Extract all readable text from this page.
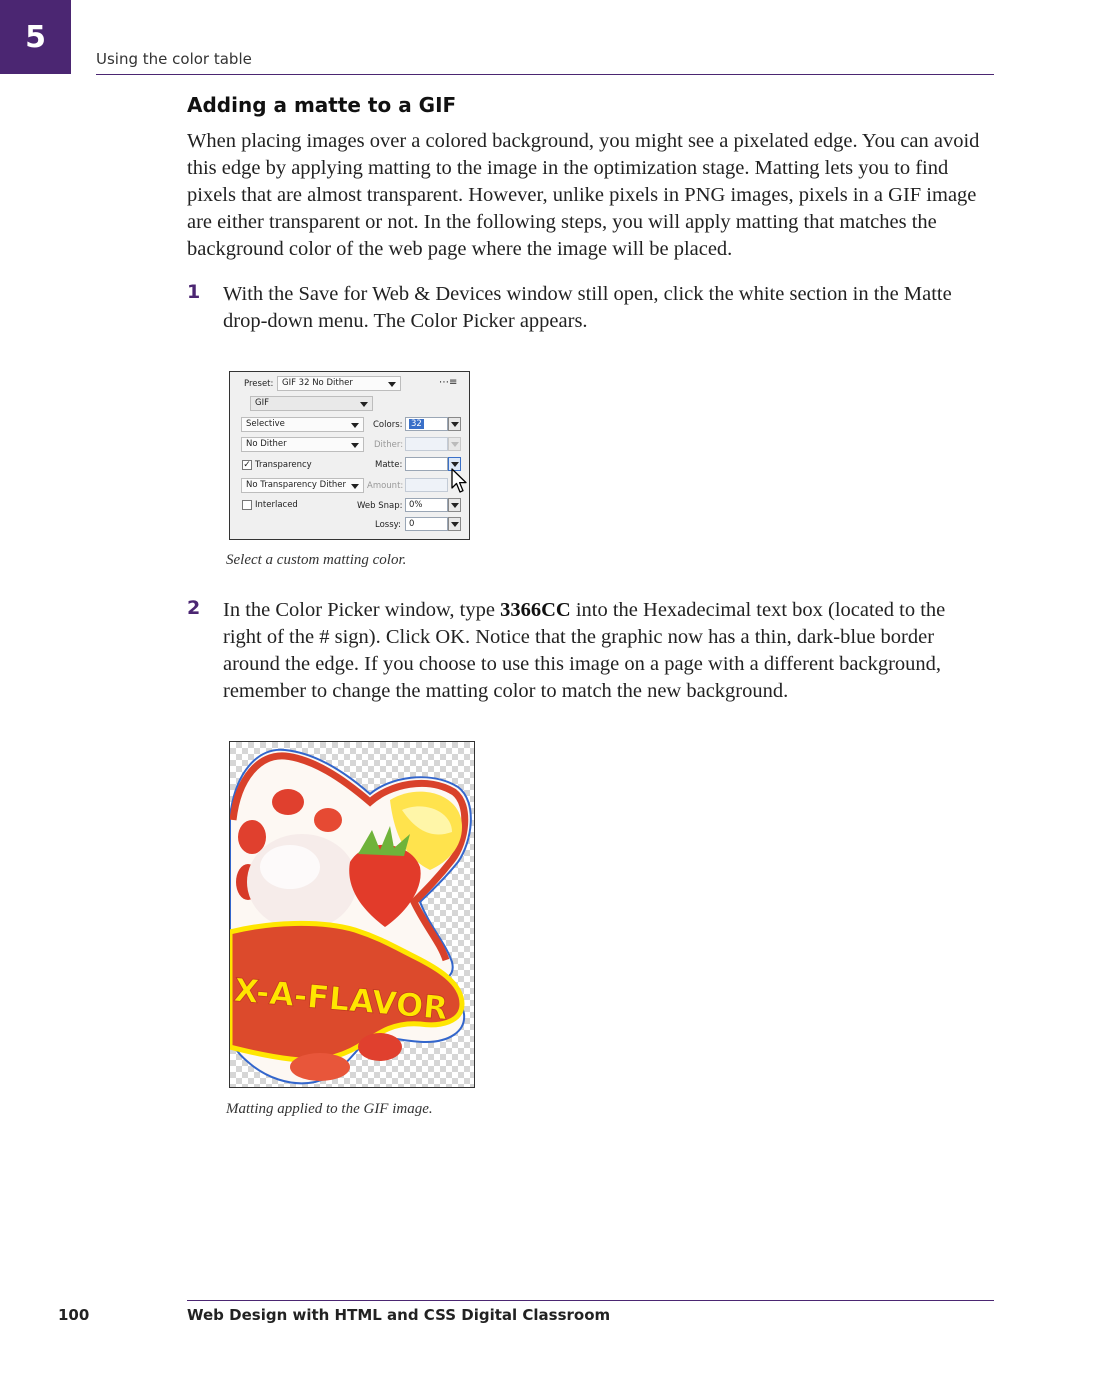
5
Using the color table
Adding a matte to a GIF

When placing images over a colored background, you might see a pixelated edge. You can avoid this edge by applying matting to the image in the optimization stage. Matting lets you to find pixels that are almost transparent. However, unlike pixels in PNG images, pixels in a GIF image are either transparent or not. In the following steps, you will apply matting that matches the background color of the web page where the image will be placed.

1 With the Save for Web & Devices window still open, click the white section in the Matte drop-down menu. The Color Picker appears.

Preset:	GIF 32 No Dither	⋯≡
GIF
Selective	Colors:	32
No Dither	Dither:
✓ Transparency	Matte:
No Transparency Dither	Amount:
Interlaced	Web Snap: 0%
Lossy: 0

Select a custom matting color.

2 In the Color Picker window, type 3366CC into the Hexadecimal text box (located to the right of the # sign). Click OK. Notice that the graphic now has a thin, dark-blue border around the edge. If you choose to use this image on a page with a different background, remember to change the matting color to match the new background.

X-A-FLAVOR

Matting applied to the GIF image.

100	Web Design with HTML and CSS Digital Classroom
